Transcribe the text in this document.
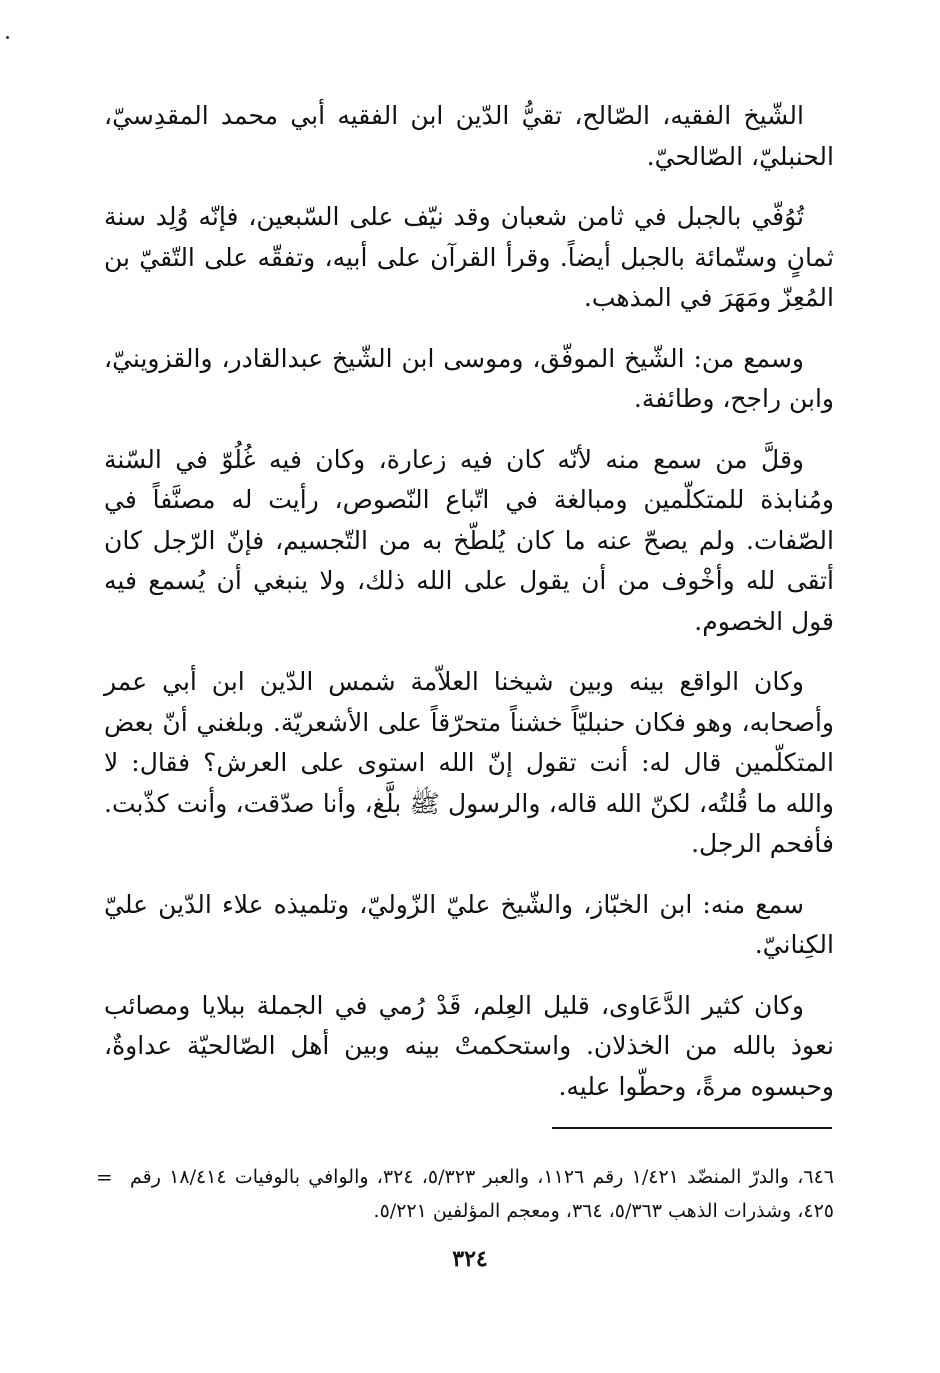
الشّيخ الفقيه، الصّالح، تقيُّ الدّين ابن الفقيه أبي محمد المقدِسيّ، الحنبليّ، الصّالحيّ.

تُوُفّي بالجبل في ثامن شعبان وقد نيّف على السّبعين، فإنّه وُلِد سنة ثمانٍ وستّمائة بالجبل أيضاً. وقرأ القرآن على أبيه، وتفقّه على التّقيّ بن المُعِزّ ومَهَرَ في المذهب.

وسمع من: الشّيخ الموفّق، وموسى ابن الشّيخ عبدالقادر، والقزوينيّ، وابن راجح، وطائفة.

وقلَّ من سمع منه لأنّه كان فيه زعارة، وكان فيه غُلُوّ في السّنة ومُنابذة للمتكلّمين ومبالغة في اتّباع النّصوص، رأيت له مصنَّفاً في الصّفات. ولم يصحّ عنه ما كان يُلطّخ به من التّجسيم، فإنّ الرّجل كان أتقى لله وأخْوف من أن يقول على الله ذلك، ولا ينبغي أن يُسمع فيه قول الخصوم.

وكان الواقع بينه وبين شيخنا العلاّمة شمس الدّين ابن أبي عمر وأصحابه، وهو فكان حنبليّاً خشناً متحرّقاً على الأشعريّة. وبلغني أنّ بعض المتكلّمين قال له: أنت تقول إنّ الله استوى على العرش؟ فقال: لا والله ما قُلتُه، لكنّ الله قاله، والرسول ﷺ بلَّغ، وأنا صدّقت، وأنت كذّبت. فأفحم الرجل.

سمع منه: ابن الخبّاز، والشّيخ عليّ الزّوليّ، وتلميذه علاء الدّين عليّ الكِنانيّ.

وكان كثير الدَّعَاوى، قليل العِلم، قَدْ رُمي في الجملة ببلايا ومصائب نعوذ بالله من الخذلان. واستحكمتْ بينه وبين أهل الصّالحيّة عداوةٌ، وحبسوه مرةً، وحطّوا عليه.

= ٦٤٦، والدرّ المنضّد ١/٤٢١ رقم ١١٢٦، والعبر ٥/٣٢٣، ٣٢٤، والوافي بالوفيات ١٨/٤١٤ رقم ٤٢٥، وشذرات الذهب ٥/٣٦٣، ٣٦٤، ومعجم المؤلفين ٥/٢٢١.
٣٢٤
